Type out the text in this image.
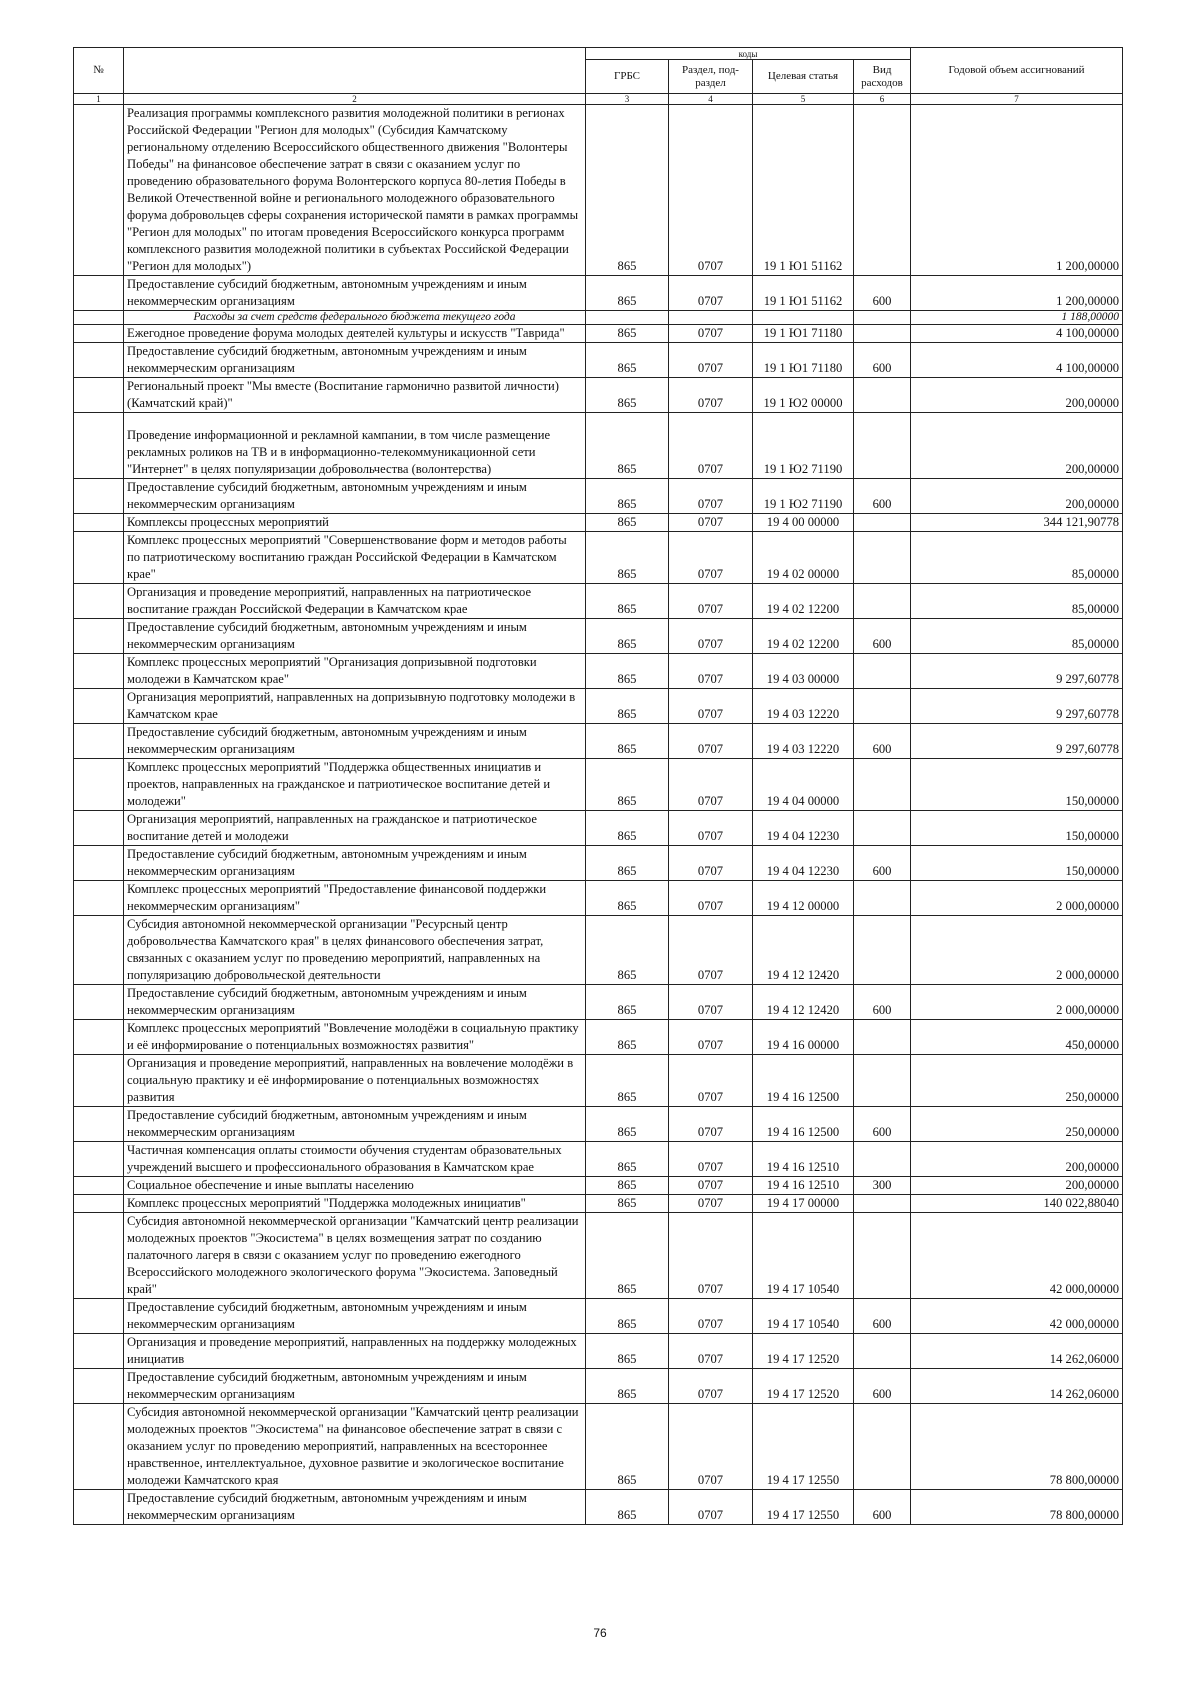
№		коды				Годовой объем ассигнований
		ГРБС	Раздел, под-раздел	Целевая статья	Вид расходов	
1	2	3	4	5	6	7
	Реализация программы комплексного развития молодежной политики в регионах Российской Федерации "Регион для молодых" (Субсидия Камчатскому региональному отделению Всероссийского общественного движения "Волонтеры Победы" на финансовое обеспечение затрат в связи с оказанием услуг по проведению образовательного форума Волонтерского корпуса 80-летия Победы в Великой Отечественной войне и регионального молодежного образовательного форума добровольцев сферы сохранения исторической памяти в рамках программы "Регион для молодых" по итогам проведения Всероссийского конкурса программ комплексного развития молодежной политики в субъектах Российской Федерации "Регион для молодых")	865	0707	19 1 Ю1 51162		1 200,00000
	Предоставление субсидий бюджетным, автономным учреждениям и иным некоммерческим организациям	865	0707	19 1 Ю1 51162	600	1 200,00000
	Расходы за счет средств федерального бюджета текущего года					1 188,00000
	Ежегодное проведение форума молодых деятелей культуры и искусств "Таврида"	865	0707	19 1 Ю1 71180		4 100,00000
	Предоставление субсидий бюджетным, автономным учреждениям и иным некоммерческим организациям	865	0707	19 1 Ю1 71180	600	4 100,00000
	Региональный проект "Мы вместе (Воспитание гармонично развитой личности) (Камчатский край)"	865	0707	19 1 Ю2 00000		200,00000
	Проведение информационной и рекламной кампании, в том числе размещение рекламных роликов на ТВ и в информационно-телекоммуникационной сети "Интернет" в целях популяризации добровольчества (волонтерства)	865	0707	19 1 Ю2 71190		200,00000
	Предоставление субсидий бюджетным, автономным учреждениям и иным некоммерческим организациям	865	0707	19 1 Ю2 71190	600	200,00000
	Комплексы процессных мероприятий	865	0707	19 4 00 00000		344 121,90778
	Комплекс процессных мероприятий "Совершенствование форм и методов работы по патриотическому воспитанию граждан Российской Федерации в Камчатском крае"	865	0707	19 4 02 00000		85,00000
	Организация и проведение мероприятий, направленных на патриотическое воспитание граждан Российской Федерации в Камчатском крае	865	0707	19 4 02 12200		85,00000
	Предоставление субсидий бюджетным, автономным учреждениям и иным некоммерческим организациям	865	0707	19 4 02 12200	600	85,00000
	Комплекс процессных мероприятий "Организация допризывной подготовки молодежи в Камчатском крае"	865	0707	19 4 03 00000		9 297,60778
	Организация мероприятий, направленных на допризывную подготовку молодежи в Камчатском крае	865	0707	19 4 03 12220		9 297,60778
	Предоставление субсидий бюджетным, автономным учреждениям и иным некоммерческим организациям	865	0707	19 4 03 12220	600	9 297,60778
	Комплекс процессных мероприятий "Поддержка общественных инициатив и проектов, направленных на гражданское и патриотическое воспитание детей и молодежи"	865	0707	19 4 04 00000		150,00000
	Организация мероприятий, направленных на гражданское и патриотическое воспитание детей и молодежи	865	0707	19 4 04 12230		150,00000
	Предоставление субсидий бюджетным, автономным учреждениям и иным некоммерческим организациям	865	0707	19 4 04 12230	600	150,00000
	Комплекс процессных мероприятий "Предоставление финансовой поддержки некоммерческим организациям"	865	0707	19 4 12 00000		2 000,00000
	Субсидия автономной некоммерческой организации "Ресурсный центр добровольчества Камчатского края" в целях финансового обеспечения затрат, связанных с оказанием услуг по проведению мероприятий, направленных на популяризацию добровольческой деятельности	865	0707	19 4 12 12420		2 000,00000
	Предоставление субсидий бюджетным, автономным учреждениям и иным некоммерческим организациям	865	0707	19 4 12 12420	600	2 000,00000
	Комплекс процессных мероприятий "Вовлечение молодёжи в социальную практику и её информирование о потенциальных возможностях развития"	865	0707	19 4 16 00000		450,00000
	Организация и проведение мероприятий, направленных на вовлечение молодёжи в социальную практику и её информирование о потенциальных возможностях развития	865	0707	19 4 16 12500		250,00000
	Предоставление субсидий бюджетным, автономным учреждениям и иным некоммерческим организациям	865	0707	19 4 16 12500	600	250,00000
	Частичная компенсация оплаты стоимости обучения студентам образовательных учреждений высшего и профессионального образования в Камчатском крае	865	0707	19 4 16 12510		200,00000
	Социальное обеспечение и иные выплаты населению	865	0707	19 4 16 12510	300	200,00000
	Комплекс процессных мероприятий "Поддержка молодежных инициатив"	865	0707	19 4 17 00000		140 022,88040
	Субсидия автономной некоммерческой организации "Камчатский центр реализации молодежных проектов "Экосистема" в целях возмещения затрат по созданию палаточного лагеря в связи с оказанием услуг по проведению ежегодного Всероссийского молодежного экологического форума "Экосистема. Заповедный край"	865	0707	19 4 17 10540		42 000,00000
	Предоставление субсидий бюджетным, автономным учреждениям и иным некоммерческим организациям	865	0707	19 4 17 10540	600	42 000,00000
	Организация и проведение мероприятий, направленных на поддержку молодежных инициатив	865	0707	19 4 17 12520		14 262,06000
	Предоставление субсидий бюджетным, автономным учреждениям и иным некоммерческим организациям	865	0707	19 4 17 12520	600	14 262,06000
	Субсидия автономной некоммерческой организации "Камчатский центр реализации молодежных проектов "Экосистема" на финансовое обеспечение затрат в связи с оказанием услуг по проведению мероприятий, направленных на всестороннее нравственное, интеллектуальное, духовное развитие и экологическое воспитание молодежи Камчатского края	865	0707	19 4 17 12550		78 800,00000
	Предоставление субсидий бюджетным, автономным учреждениям и иным некоммерческим организациям	865	0707	19 4 17 12550	600	78 800,00000
76
